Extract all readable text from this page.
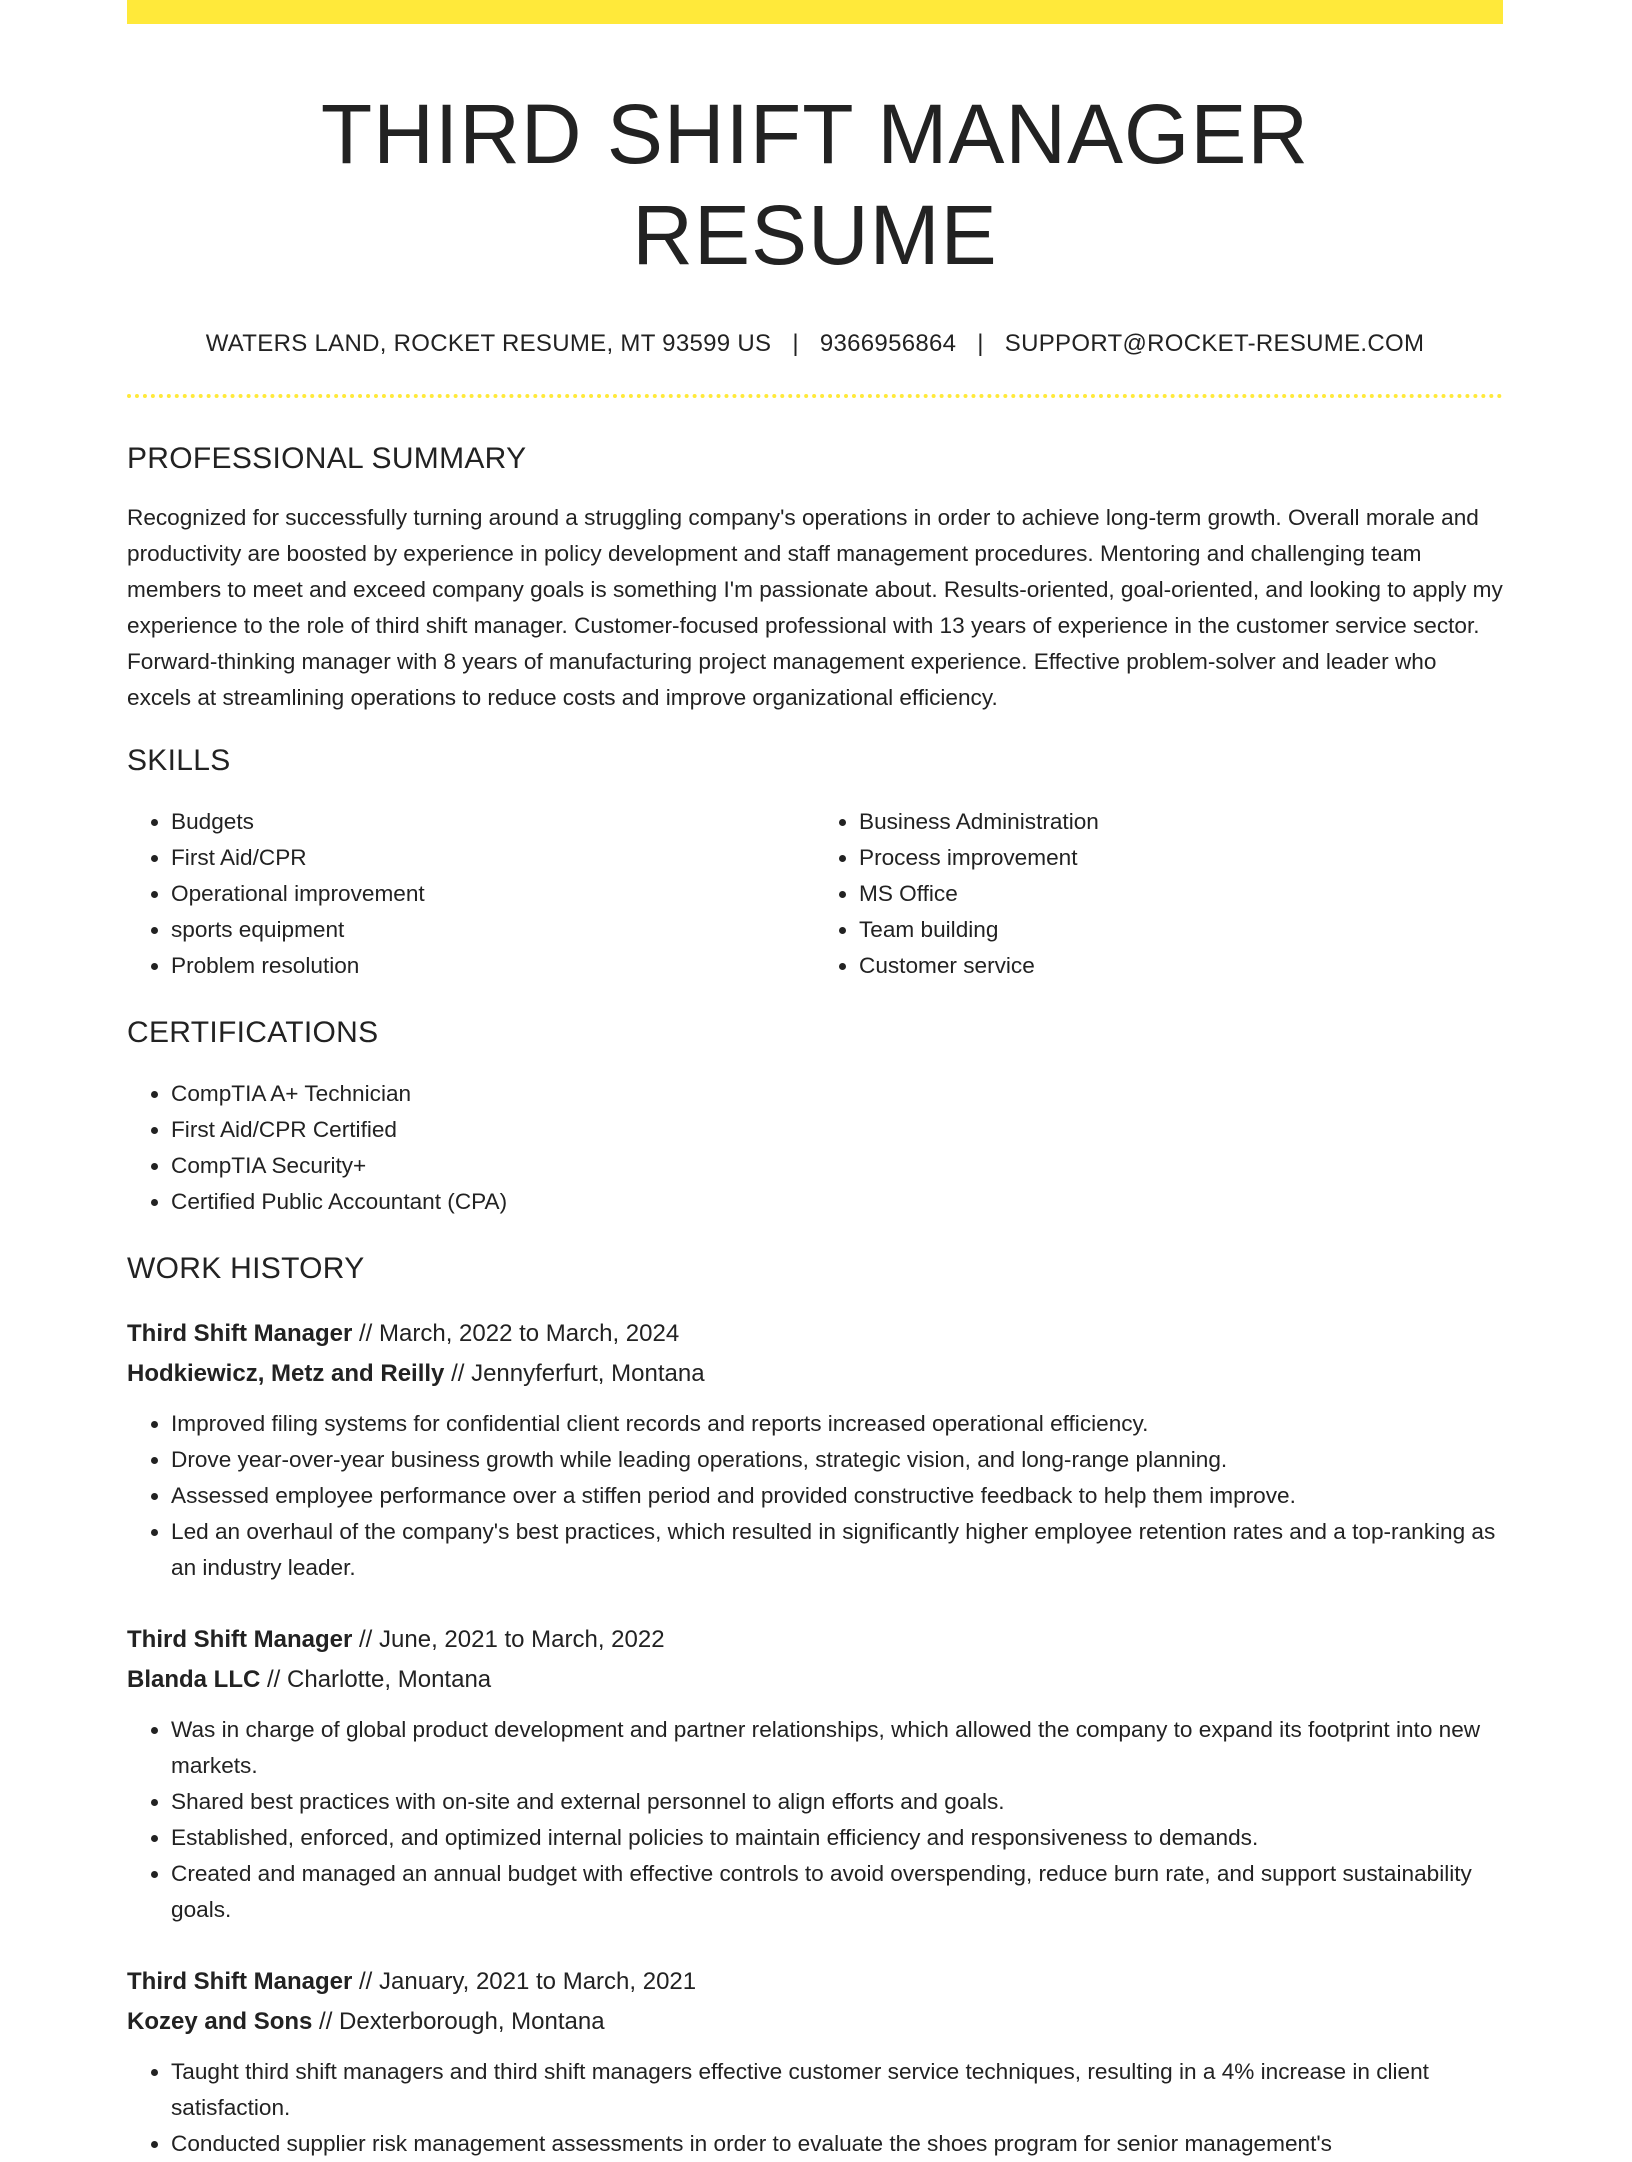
THIRD SHIFT MANAGER RESUME
WATERS LAND, ROCKET RESUME, MT 93599 US | 9366956864 | SUPPORT@ROCKET-RESUME.COM
PROFESSIONAL SUMMARY
Recognized for successfully turning around a struggling company's operations in order to achieve long-term growth. Overall morale and productivity are boosted by experience in policy development and staff management procedures. Mentoring and challenging team members to meet and exceed company goals is something I'm passionate about. Results-oriented, goal-oriented, and looking to apply my experience to the role of third shift manager. Customer-focused professional with 13 years of experience in the customer service sector. Forward-thinking manager with 8 years of manufacturing project management experience. Effective problem-solver and leader who excels at streamlining operations to reduce costs and improve organizational efficiency.
SKILLS
• Budgets
• First Aid/CPR
• Operational improvement
• sports equipment
• Problem resolution
• Business Administration
• Process improvement
• MS Office
• Team building
• Customer service
CERTIFICATIONS
• CompTIA A+ Technician
• First Aid/CPR Certified
• CompTIA Security+
• Certified Public Accountant (CPA)
WORK HISTORY
Third Shift Manager // March, 2022 to March, 2024
Hodkiewicz, Metz and Reilly // Jennyferfurt, Montana
• Improved filing systems for confidential client records and reports increased operational efficiency.
• Drove year-over-year business growth while leading operations, strategic vision, and long-range planning.
• Assessed employee performance over a stiffen period and provided constructive feedback to help them improve.
• Led an overhaul of the company's best practices, which resulted in significantly higher employee retention rates and a top-ranking as an industry leader.
Third Shift Manager // June, 2021 to March, 2022
Blanda LLC // Charlotte, Montana
• Was in charge of global product development and partner relationships, which allowed the company to expand its footprint into new markets.
• Shared best practices with on-site and external personnel to align efforts and goals.
• Established, enforced, and optimized internal policies to maintain efficiency and responsiveness to demands.
• Created and managed an annual budget with effective controls to avoid overspending, reduce burn rate, and support sustainability goals.
Third Shift Manager // January, 2021 to March, 2021
Kozey and Sons // Dexterborough, Montana
• Taught third shift managers and third shift managers effective customer service techniques, resulting in a 4% increase in client satisfaction.
• Conducted supplier risk management assessments in order to evaluate the shoes program for senior management's
